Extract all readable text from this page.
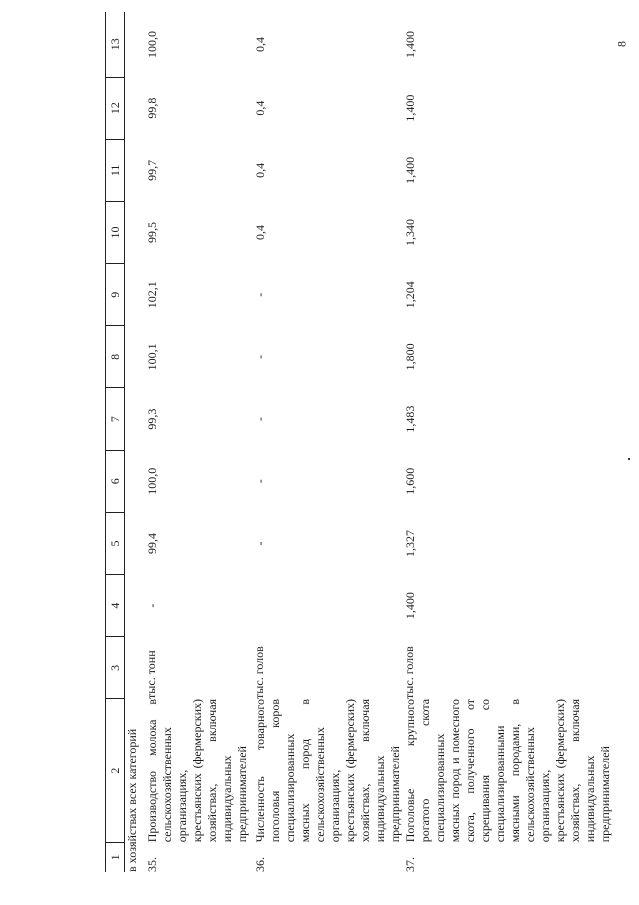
8
1	2	3	4	5	6	7	8	9	10	11	12	13
в хозяйствах всех категорий												
35.	Производство молока в сельскохозяйственных организациях, крестьянских (фермерских) хозяйствах, включая индивидуальных предпринимателей	тыс. тонн	-	99,4	100,0	99,3	100,1	102,1	99,5	99,7	99,8	100,0
36.	Численность товарного поголовья коров специализированных мясных пород в сельскохозяйственных организациях, крестьянских (фермерских) хозяйствах, включая индивидуальных предпринимателей	тыс. голов		-	-	-	-	-	0,4	0,4	0,4	0,4
37.	Поголовье крупного рогатого скота специализированных мясных пород и помесного скота, полученного от скрещивания со специализированными мясными породами, в сельскохозяйственных организациях, крестьянских (фермерских) хозяйствах, включая индивидуальных предпринимателей	тыс. голов	1,400	1,327	1,600	1,483	1,800	1,204	1,340	1,400	1,400	1,400
